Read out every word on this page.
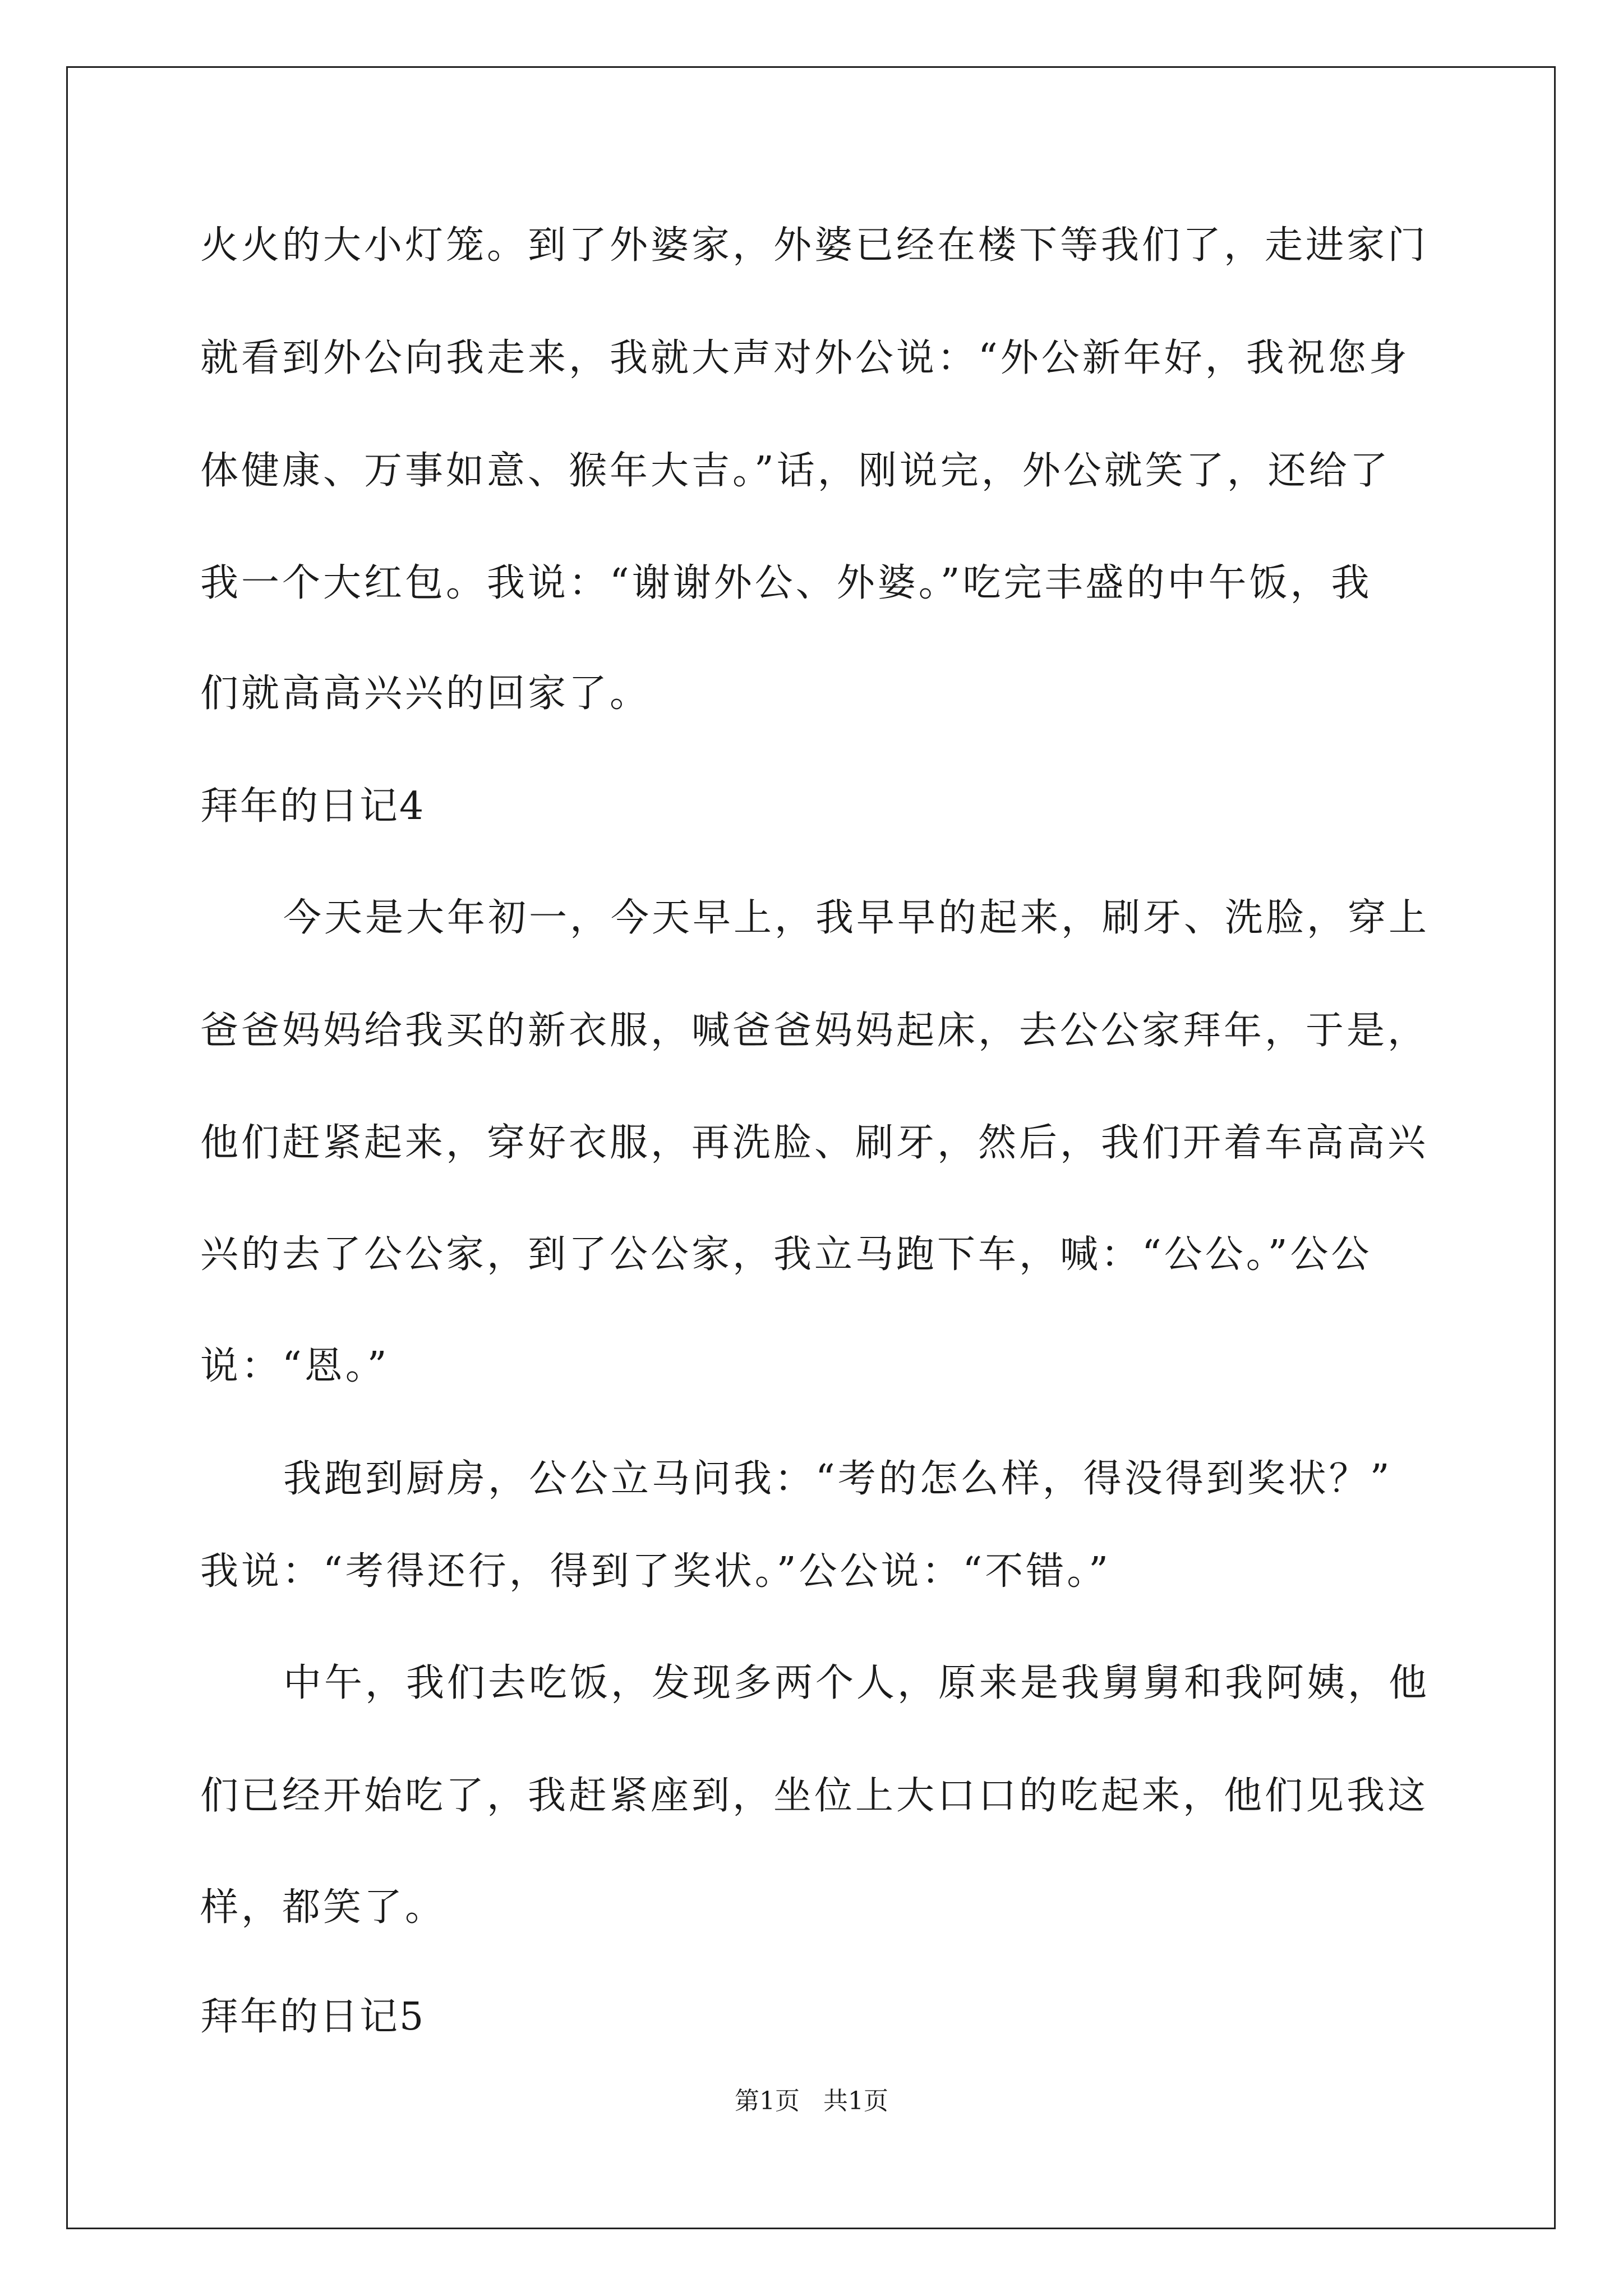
火火的大小灯笼。到了外婆家，外婆已经在楼下等我们了，走进家门
就看到外公向我走来，我就大声对外公说：“外公新年好，我祝您身
体健康、万事如意、猴年大吉。”话，刚说完，外公就笑了，还给了
我一个大红包。我说：“谢谢外公、外婆。”吃完丰盛的中午饭，我
们就高高兴兴的回家了。
拜年的日记4
今天是大年初一，今天早上，我早早的起来，刷牙、洗脸，穿上
爸爸妈妈给我买的新衣服，喊爸爸妈妈起床，去公公家拜年，于是，
他们赶紧起来，穿好衣服，再洗脸、刷牙，然后，我们开着车高高兴
兴的去了公公家，到了公公家，我立马跑下车，喊：“公公。”公公
说：“恩。”
我跑到厨房，公公立马问我：“考的怎么样，得没得到奖状？”
我说：“考得还行，得到了奖状。”公公说：“不错。”
中午，我们去吃饭，发现多两个人，原来是我舅舅和我阿姨，他
们已经开始吃了，我赶紧座到，坐位上大口口的吃起来，他们见我这
样，都笑了。
拜年的日记5
第1页   共1页
